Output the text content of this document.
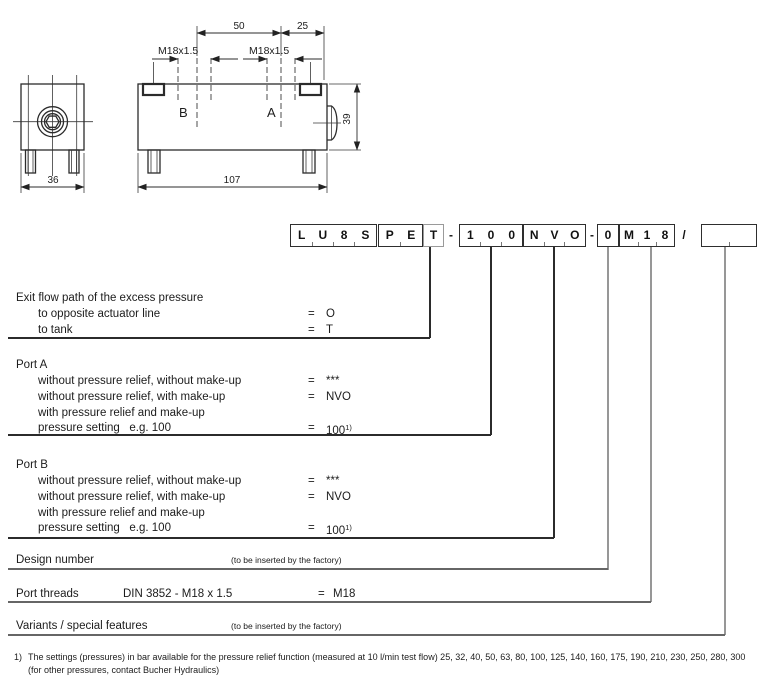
36
50	25
M18x1.5	M18x1.5
B	A
107
39
L	U	8	S	P	E	T -	1	0	0	N V O - 0	M 1 8	/
Exit flow path of the excess pressure
to opposite actuator line	= O
to tank	= T
Port A
without pressure relief, without make-up	= ***
without pressure relief, with make-up	= NVO
with pressure relief and make-up
pressure setting   e.g. 100	= 100$^{1)}$
Port B
without pressure relief, without make-up	= ***
without pressure relief, with make-up	= NVO
with pressure relief and make-up
pressure setting   e.g. 100	= 100$^{1)}$
Design number	(to be inserted by the factory)
Port threads	DIN 3852 - M18 x 1.5	= M18
Variants / special features	(to be inserted by the factory)
1) The settings (pressures) in bar available for the pressure relief function (measured at 10 l/min test flow) 25, 32, 40, 50, 63, 80, 100, 125, 140, 160, 175, 190, 210, 230, 250, 280, 300 (for other pressures, contact Bucher Hydraulics)
